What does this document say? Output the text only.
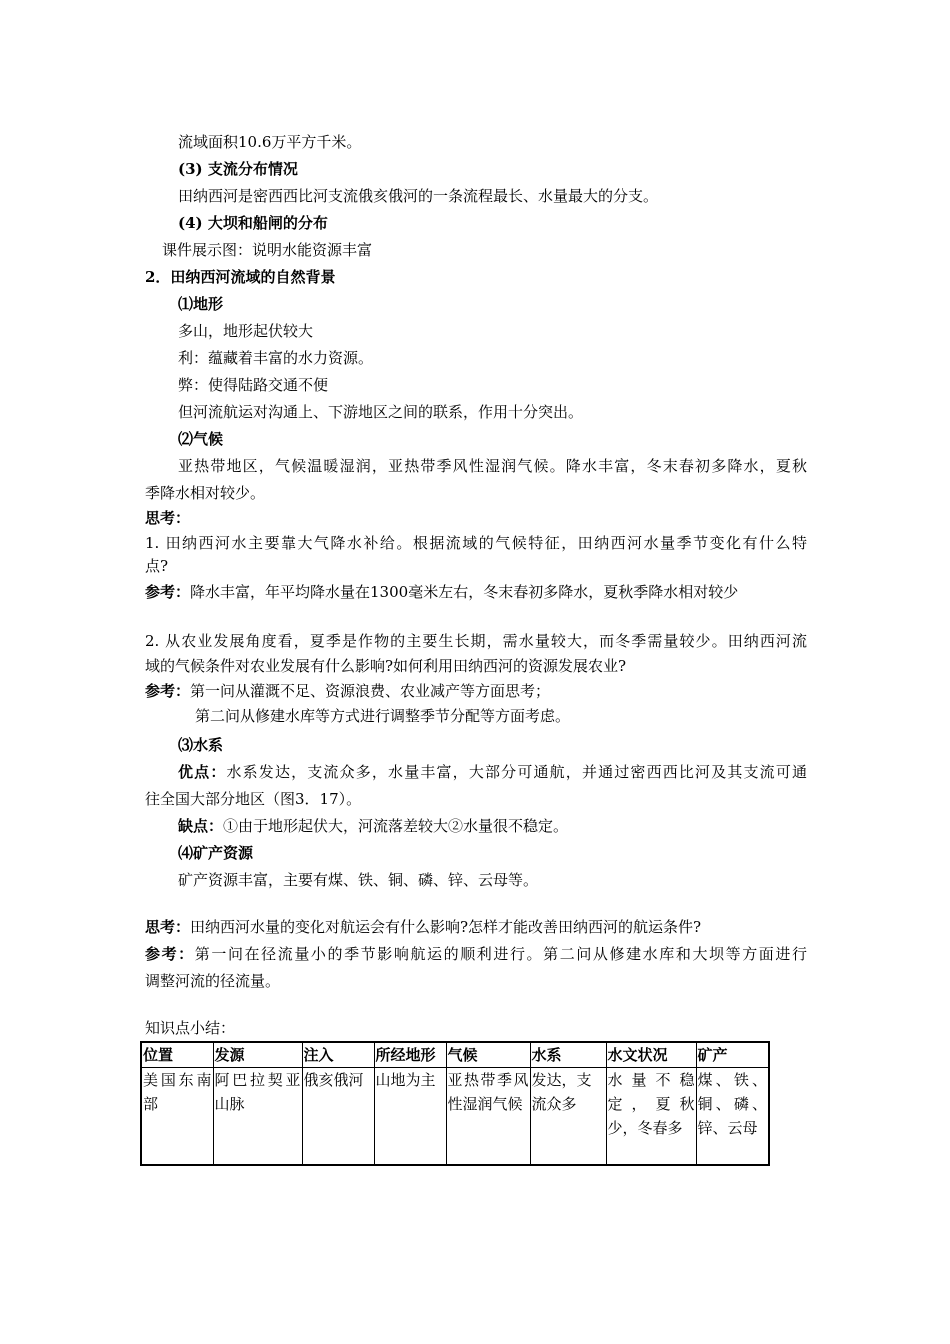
流域面积10.6万平方千米。
(3) 支流分布情况
田纳西河是密西西比河支流俄亥俄河的一条流程最长、水量最大的分支。
(4) 大坝和船闸的分布
课件展示图：说明水能资源丰富
2．田纳西河流域的自然背景
⑴地形
多山，地形起伏较大
利：蕴藏着丰富的水力资源。
弊：使得陆路交通不便
但河流航运对沟通上、下游地区之间的联系，作用十分突出。
⑵气候
亚热带地区，气候温暖湿润，亚热带季风性湿润气候。降水丰富，冬末春初多降水，夏秋
季降水相对较少。
思考：
1. 田纳西河水主要靠大气降水补给。根据流域的气候特征，田纳西河水量季节变化有什么特
点?
参考：降水丰富，年平均降水量在1300毫米左右，冬末春初多降水，夏秋季降水相对较少
2. 从农业发展角度看，夏季是作物的主要生长期，需水量较大，而冬季需量较少。田纳西河流
域的气候条件对农业发展有什么影响?如何利用田纳西河的资源发展农业?
参考：第一问从灌溉不足、资源浪费、农业减产等方面思考；
第二问从修建水库等方式进行调整季节分配等方面考虑。
⑶水系
优点：水系发达，支流众多，水量丰富，大部分可通航，并通过密西西比河及其支流可通
往全国大部分地区（图3．17）。
缺点：①由于地形起伏大，河流落差较大②水量很不稳定。
⑷矿产资源
矿产资源丰富，主要有煤、铁、铜、磷、锌、云母等。
思考：田纳西河水量的变化对航运会有什么影响?怎样才能改善田纳西河的航运条件?
参考：第一问在径流量小的季节影响航运的顺利进行。第二问从修建水库和大坝等方面进行
调整河流的径流量。
知识点小结：
位置	发源	注入	所经地形	气候	水系	水文状况	矿产
美国东南部	阿巴拉契亚山脉	俄亥俄河	山地为主	亚热带季风性湿润气候	发达，支流众多	水量不稳定，夏秋少，冬春多	煤、铁、铜、磷、锌、云母
